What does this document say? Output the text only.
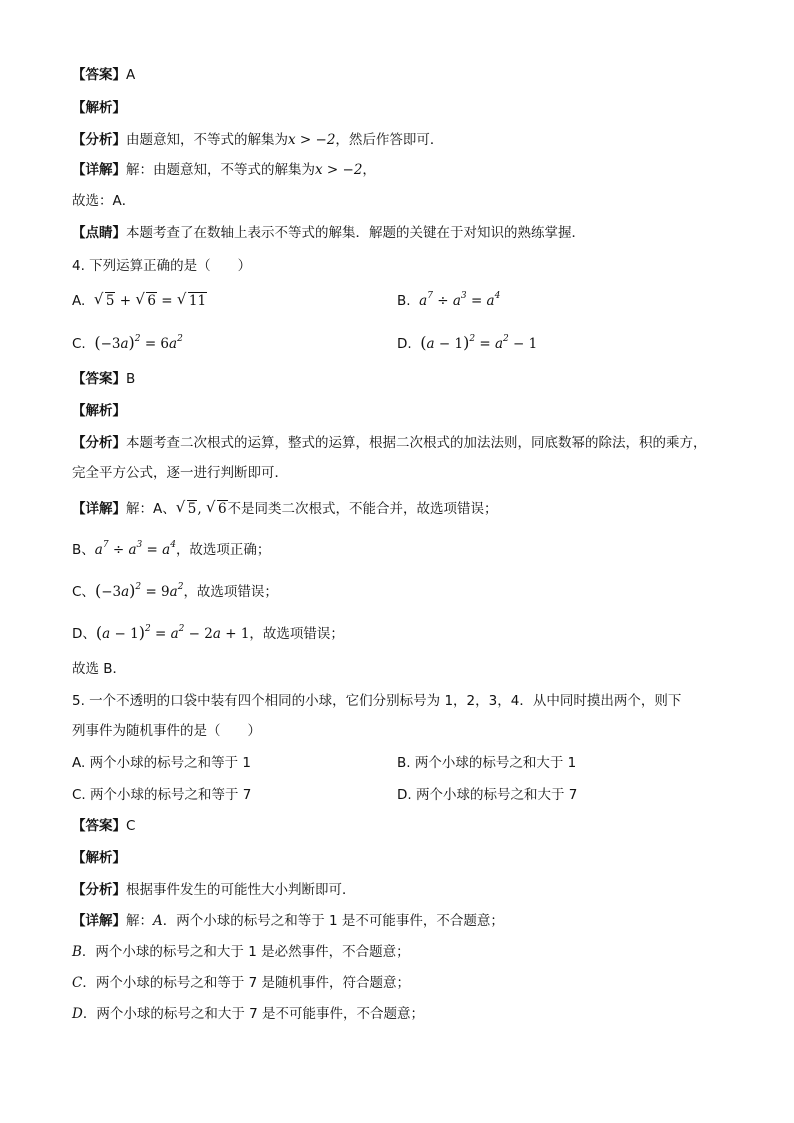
【答案】A
【解析】
【分析】由题意知，不等式的解集为x > −2，然后作答即可．
【详解】解：由题意知，不等式的解集为x > −2，
故选：A．
【点睛】本题考查了在数轴上表示不等式的解集．解题的关键在于对知识的熟练掌握．
4. 下列运算正确的是（　　）
A. √ 5 + √ 6 = √ 11	B. $a^7 \div a^3 = a^4$
C. $(-3a)^2 = 6a^2$	D. $(a - 1)^2 = a^2 - 1$
【答案】B
【解析】
【分析】本题考查二次根式的运算，整式的运算，根据二次根式的加法法则，同底数幂的除法，积的乘方，
完全平方公式，逐一进行判断即可．
【详解】解：A、 √ 5, √ 6不是同类二次根式，不能合并，故选项错误；
B、$a^7 \div a^3 = a^4$，故选项正确；
C、$(-3a)^2 = 9a^2$，故选项错误；
D、$(a - 1)^2 = a^2 - 2a + 1$，故选项错误；
故选 B．
5. 一个不透明的口袋中装有四个相同的小球，它们分别标号为 1，2，3，4．从中同时摸出两个，则下
列事件为随机事件的是（　　）
A. 两个小球的标号之和等于 1	B. 两个小球的标号之和大于 1
C. 两个小球的标号之和等于 7	D. 两个小球的标号之和大于 7
【答案】C
【解析】
【分析】根据事件发生的可能性大小判断即可．
【详解】解：A．两个小球的标号之和等于 1 是不可能事件，不合题意；
B．两个小球的标号之和大于 1 是必然事件，不合题意；
C．两个小球的标号之和等于 7 是随机事件，符合题意；
D．两个小球的标号之和大于 7 是不可能事件，不合题意；
